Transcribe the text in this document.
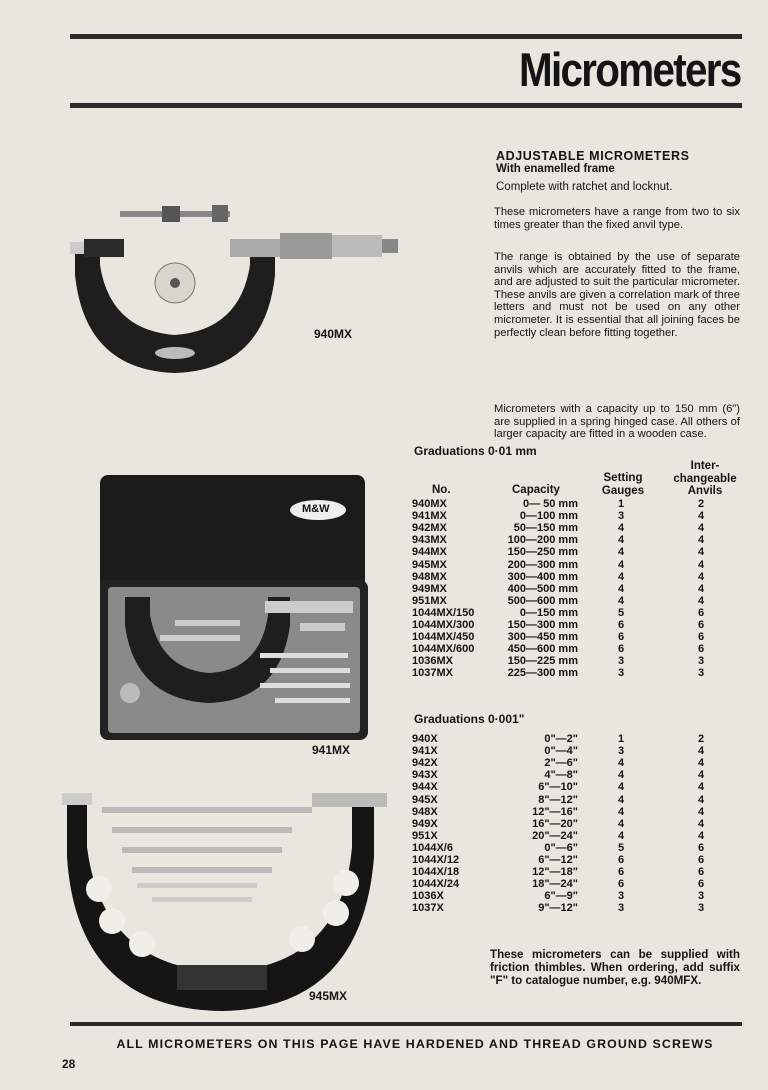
Micrometers
940MX
M&W
941MX
945MX
ADJUSTABLE MICROMETERS
With enamelled frame
Complete with ratchet and locknut.
These micrometers have a range from two to six times greater than the fixed anvil type.
The range is obtained by the use of separate anvils which are accurately fitted to the frame, and are adjusted to suit the particular micrometer. These anvils are given a correlation mark of three letters and must not be used on any other micrometer. It is essential that all joining faces be perfectly clean before fitting together.
Micrometers with a capacity up to 150 mm (6") are supplied in a spring hinged case. All others of larger capacity are fitted in a wooden case.
Graduations 0·01 mm
No.	Capacity
Setting
Gauges
Inter-
changeable
Anvils
940MX	0— 50 mm	1	2
941MX	0—100 mm	3	4
942MX	50—150 mm	4	4
943MX	100—200 mm	4	4
944MX	150—250 mm	4	4
945MX	200—300 mm	4	4
948MX	300—400 mm	4	4
949MX	400—500 mm	4	4
951MX	500—600 mm	4	4
1044MX/150	0—150 mm	5	6
1044MX/300	150—300 mm	6	6
1044MX/450	300—450 mm	6	6
1044MX/600	450—600 mm	6	6
1036MX	150—225 mm	3	3
1037MX	225—300 mm	3	3
Graduations 0·001"
940X	0"—2"	1	2
941X	0"—4"	3	4
942X	2"—6"	4	4
943X	4"—8"	4	4
944X	6"—10"	4	4
945X	8"—12"	4	4
948X	12"—16"	4	4
949X	16"—20"	4	4
951X	20"—24"	4	4
1044X/6	0"—6"	5	6
1044X/12	6"—12"	6	6
1044X/18	12"—18"	6	6
1044X/24	18"—24"	6	6
1036X	6"—9"	3	3
1037X	9"—12"	3	3
These micrometers can be supplied with friction thimbles. When ordering, add suffix "F" to catalogue number, e.g. 940MFX.
ALL MICROMETERS ON THIS PAGE HAVE HARDENED AND THREAD GROUND SCREWS
28
